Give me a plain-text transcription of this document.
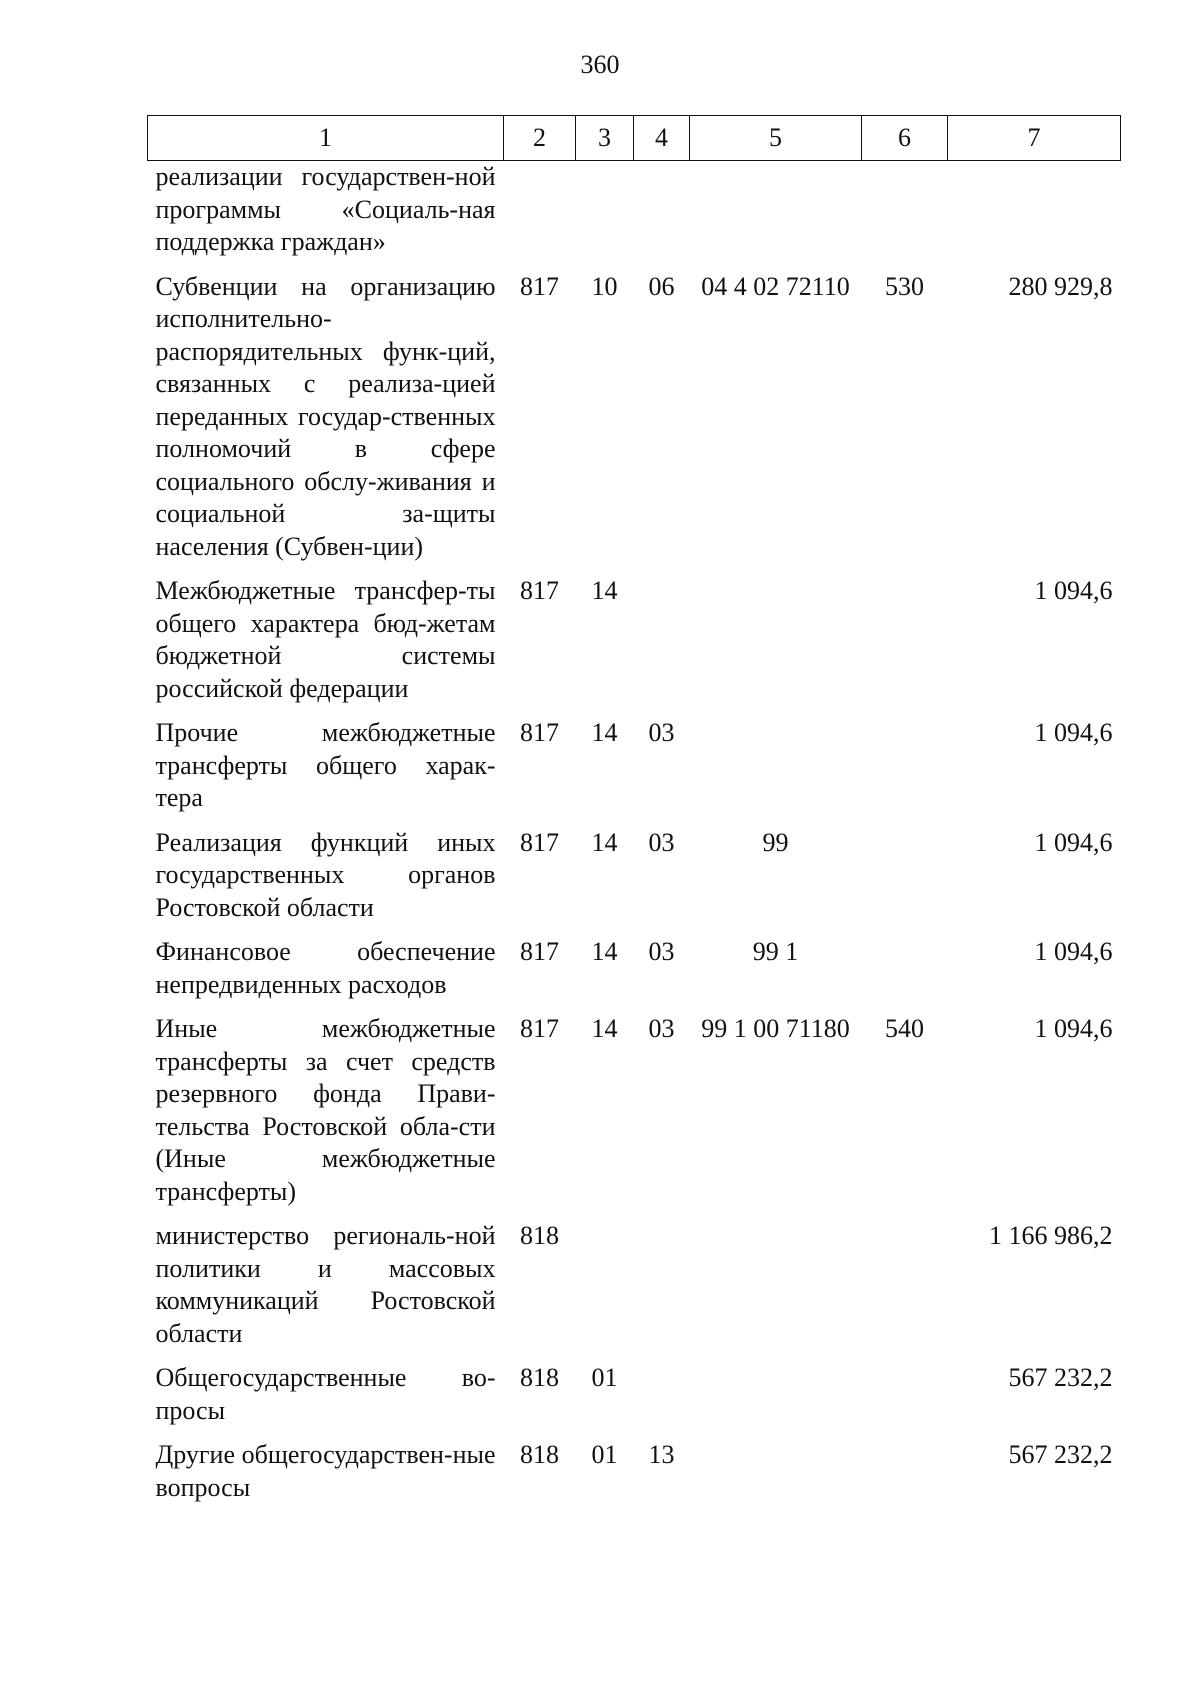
360
1	2	3	4	5	6	7
реализации государствен-ной программы «Социаль-ная поддержка граждан»						
Субвенции на организацию исполнительно-распорядительных функ-ций, связанных с реализа-цией переданных государ-ственных полномочий в сфере социального обслу-живания и социальной за-щиты населения (Субвен-ции)	817	10	06	04 4 02 72110	530	280 929,8
Межбюджетные трансфер-ты общего характера бюд-жетам бюджетной системы российской федерации	817	14				1 094,6
Прочие межбюджетные трансферты общего харак-тера	817	14	03			1 094,6
Реализация функций иных государственных органов Ростовской области	817	14	03	99		1 094,6
Финансовое обеспечение непредвиденных расходов	817	14	03	99 1		1 094,6
Иные межбюджетные трансферты за счет средств резервного фонда Прави-тельства Ростовской обла-сти (Иные межбюджетные трансферты)	817	14	03	99 1 00 71180	540	1 094,6
министерство региональ-ной политики и массовых коммуникаций Ростовской области	818					1 166 986,2
Общегосударственные во-просы	818	01				567 232,2
Другие общегосударствен-ные вопросы	818	01	13			567 232,2
